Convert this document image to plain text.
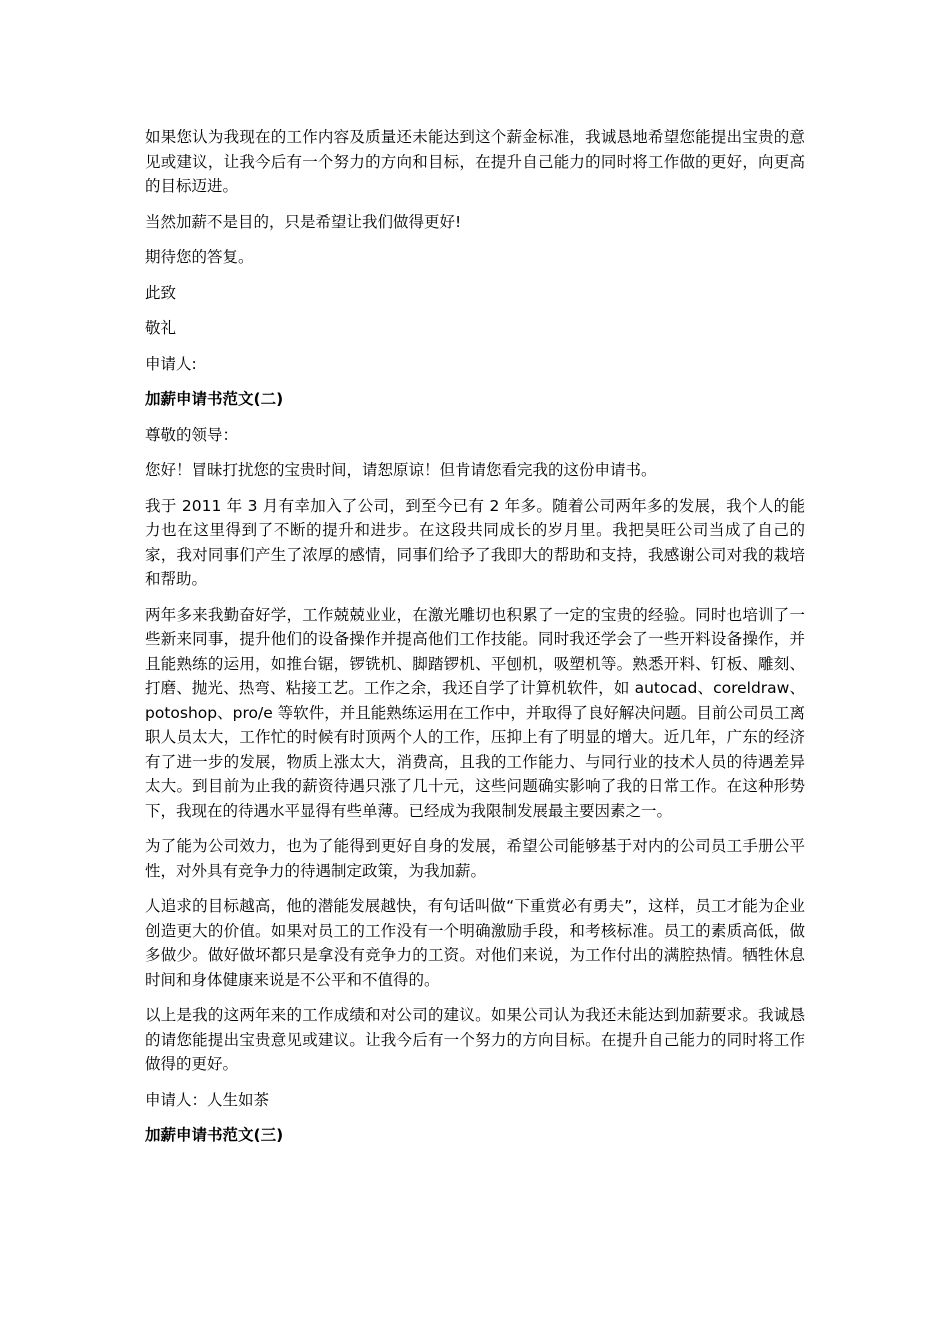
如果您认为我现在的工作内容及质量还未能达到这个薪金标准，我诚恳地希望您能提出宝贵的意见或建议，让我今后有一个努力的方向和目标，在提升自己能力的同时将工作做的更好，向更高的目标迈进。

当然加薪不是目的，只是希望让我们做得更好!

期待您的答复。

此致

敬礼

申请人:

加薪申请书范文(二)

尊敬的领导：

您好！冒昧打扰您的宝贵时间，请恕原谅！但肯请您看完我的这份申请书。

我于 2011 年 3 月有幸加入了公司，到至今已有 2 年多。随着公司两年多的发展，我个人的能力也在这里得到了不断的提升和进步。在这段共同成长的岁月里。我把昊旺公司当成了自己的家，我对同事们产生了浓厚的感情，同事们给予了我即大的帮助和支持，我感谢公司对我的栽培和帮助。

两年多来我勤奋好学，工作兢兢业业，在激光雕切也积累了一定的宝贵的经验。同时也培训了一些新来同事，提升他们的设备操作并提高他们工作技能。同时我还学会了一些开料设备操作，并且能熟练的运用，如推台锯，锣铣机、脚踏锣机、平刨机，吸塑机等。熟悉开料、钉板、雕刻、打磨、抛光、热弯、粘接工艺。工作之余，我还自学了计算机软件，如 autocad、coreldraw、 potoshop、pro/e 等软件，并且能熟练运用在工作中，并取得了良好解决问题。目前公司员工离职人员太大，工作忙的时候有时顶两个人的工作，压抑上有了明显的增大。近几年，广东的经济有了进一步的发展，物质上涨太大，消费高，且我的工作能力、与同行业的技术人员的待遇差异太大。到目前为止我的薪资待遇只涨了几十元，这些问题确实影响了我的日常工作。在这种形势下，我现在的待遇水平显得有些单薄。已经成为我限制发展最主要因素之一。

为了能为公司效力，也为了能得到更好自身的发展，希望公司能够基于对内的公司员工手册公平性，对外具有竞争力的待遇制定政策，为我加薪。

人追求的目标越高，他的潜能发展越快，有句话叫做“下重赏必有勇夫”，这样，员工才能为企业创造更大的价值。如果对员工的工作没有一个明确激励手段，和考核标准。员工的素质高低，做多做少。做好做坏都只是拿没有竞争力的工资。对他们来说，为工作付出的满腔热情。牺牲休息时间和身体健康来说是不公平和不值得的。

以上是我的这两年来的工作成绩和对公司的建议。如果公司认为我还未能达到加薪要求。我诚恳的请您能提出宝贵意见或建议。让我今后有一个努力的方向目标。在提升自己能力的同时将工作做得的更好。

申请人：人生如茶

加薪申请书范文(三)
